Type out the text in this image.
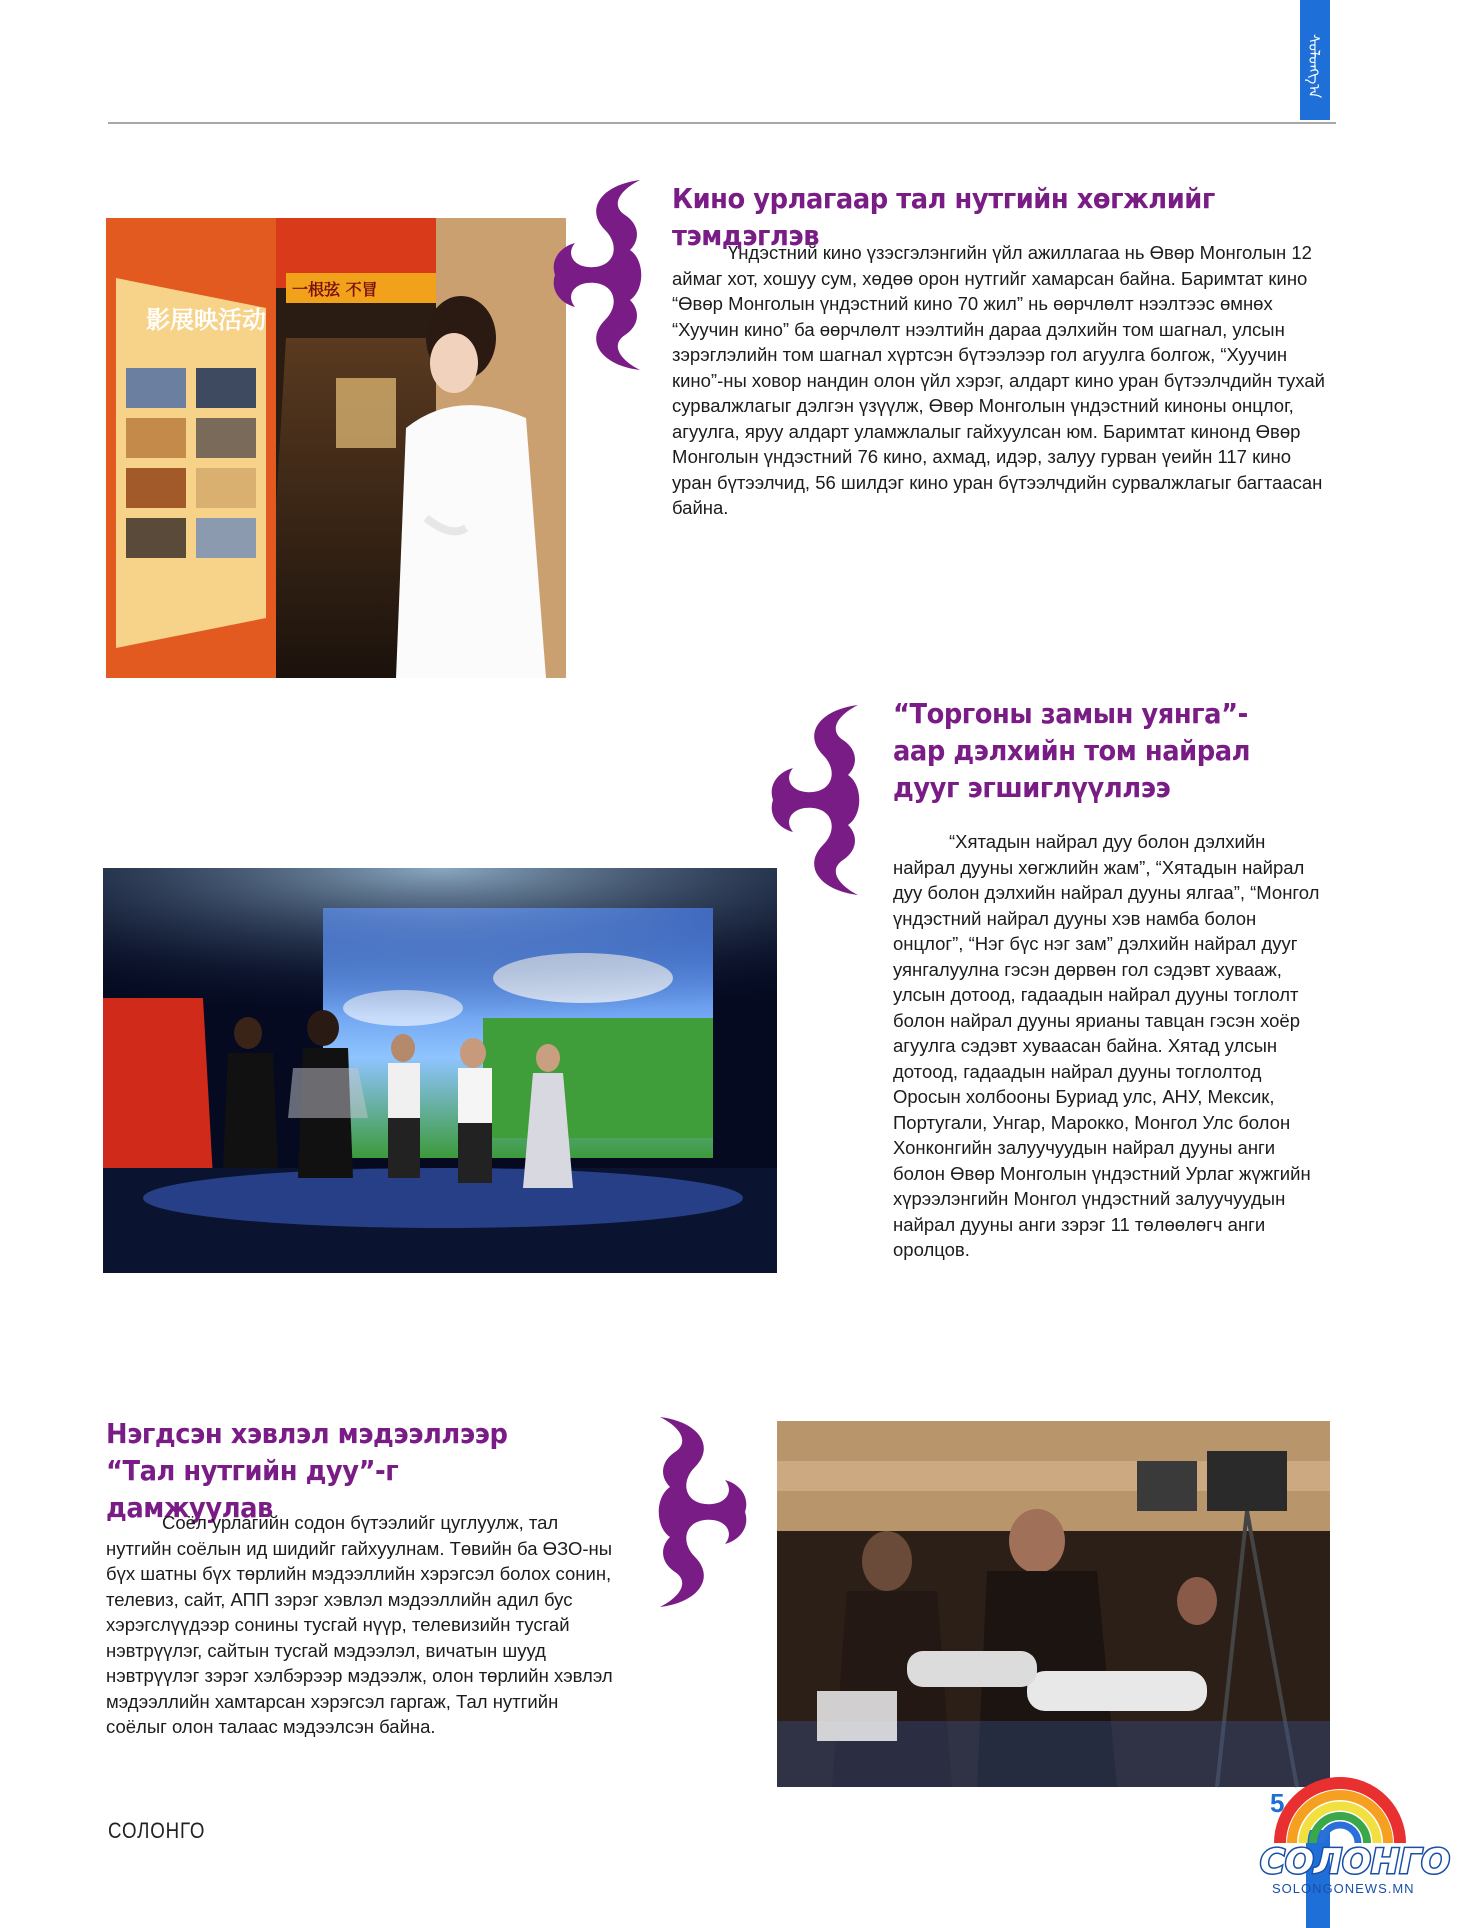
ᠰᠣᠯᠣᠩᠭ᠎ᠠ
影展映活动
一根弦 不冒
Кино урлагаар тал нутгийн хөгжлийг тэмдэглэв

Үндэстний кино үзэсгэлэнгийн үйл ажиллагаа нь Өвөр Монголын 12 аймаг хот, хошуу сум, хөдөө орон нутгийг хамарсан байна. Баримтат кино “Өвөр Монголын үндэстний кино 70 жил” нь өөрчлөлт нээлтээс өмнөх “Хуучин кино” ба өөрчлөлт нээлтийн дараа дэлхийн том шагнал, улсын зэрэглэлийн том шагнал хүртсэн бүтээлээр гол агуулга болгож, “Хуучин кино”-ны ховор нандин олон үйл хэрэг, алдарт кино уран бүтээлчдийн тухай сурвалжлагыг дэлгэн үзүүлж, Өвөр Монголын үндэстний киноны онцлог, агуулга, яруу алдарт уламжлалыг гайхуулсан юм. Баримтат кинонд Өвөр Монголын үндэстний 76 кино, ахмад, идэр, залуу гурван үеийн 117 кино уран бүтээлчид, 56 шилдэг кино уран бүтээлчдийн сурвалжлагыг багтаасан байна.

“Торгоны замын уянга”-аар дэлхийн том найрал дууг эгшиглүүллээ

“Хятадын найрал дуу болон дэлхийн найрал дууны хөгжлийн жам”, “Хятадын найрал дуу болон дэлхийн найрал дууны ялгаа”, “Монгол үндэстний найрал дууны хэв намба болон онцлог”, “Нэг бүс нэг зам” дэлхийн найрал дууг уянгалуулна гэсэн дөрвөн гол сэдэвт хуваaж, улсын дотоод, гадаадын найрал дууны тоглолт болон найрал дууны ярианы тавцан гэсэн хоёр агуулга сэдэвт хуваасан байна. Хятад улсын дотоод, гадаадын найрал дууны тоглолтод Оросын холбооны Буриад улс, АНУ, Мексик, Португали, Унгар, Марокко, Монгол Улс болон Хонконгийн залуучуудын найрал дууны анги болон Өвөр Монголын үндэстний Урлаг жүжгийн хүрээлэнгийн Монгол үндэстний залуучуудын найрал дууны анги зэрэг 11 төлөөлөгч анги оролцов.

Нэгдсэн хэвлэл мэдээллээр “Тал нутгийн дуу”-г дамжуулав

Соёл урлагийн содон бүтээлийг цуглуулж, тал нутгийн соёлын ид шидийг гайхуулнам. Төвийн ба ӨЗО-ны бүх шатны бүх төрлийн мэдээллийн хэрэгсэл болох сонин, телевиз, сайт, АПП зэрэг хэвлэл мэдээллийн адил бус хэрэгслүүдээр сонины тусгай нүүр, телевизийн тусгай нэвтрүүлэг, сайтын тусгай мэдээлэл, вичатын шууд нэвтрүүлэг зэрэг хэлбэрээр мэдээлж, олон төрлийн хэвлэл мэдээллийн хамтарсан хэрэгсэл гаргаж, Тал нутгийн соёлыг олон талаас мэдээлсэн байна.

СОЛОНГО
5
СОЛОНГО
SOLONGONEWS.MN
